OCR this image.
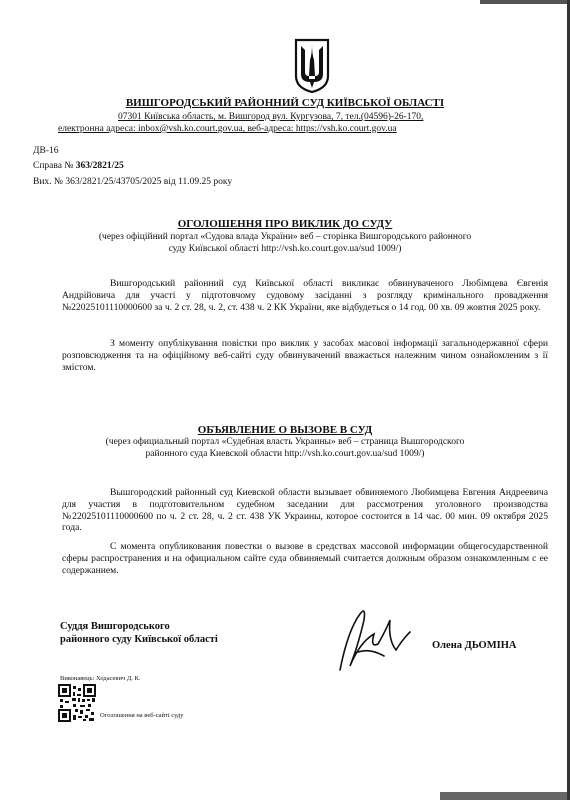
ВИШГОРОДСЬКИЙ РАЙОННИЙ СУД КИЇВСЬКОЇ ОБЛАСТІ
07301 Київська область, м. Вишгород вул. Кургузова, 7, тел.(04596)-26-170,
електронна адреса: inbox@vsh.ko.court.gov.ua, веб-адреса: https://vsh.ko.court.gov.ua
ДВ-16
Справа № 363/2821/25
Вих. № 363/2821/25/43705/2025 від 11.09.25 року
ОГОЛОШЕННЯ ПРО ВИКЛИК ДО СУДУ
(через офіційний портал «Судова влада України» веб – сторінка Вишгородського районного
суду Київської області http://vsh.ko.court.gov.ua/sud 1009/)
Вишгородський районний суд Київської області викликає обвинуваченого Любімцева Євгенія Андрійовича для участі у підготовчому судовому засіданні з розгляду кримінального провадження №22025101110000600 за ч. 2 ст. 28, ч. 2, ст. 438 ч. 2 КК України, яке відбудеться о 14 год. 00 хв. 09 жовтня 2025 року.
З моменту опублікування повістки про виклик у засобах масової інформації загальнодержавної сфери розповсюдження та на офіційному веб-сайті суду обвинувачений вважається належним чином ознайомленим з її змістом.
ОБЪЯВЛЕНИЕ О ВЫЗОВЕ В СУД
(через официальный портал «Судебная власть Украины» веб – страница Вышгородского
районного суда Киевской области http://vsh.ko.court.gov.ua/sud 1009/)
Вышгородский районный суд Киевской области вызывает обвиняемого Любимцева Евгения Андреевича для участия в подготовительном судебном заседании для рассмотрения уголовного производства №22025101110000600 по ч. 2 ст. 28, ч. 2 ст. 438 УК Украины, которое состоится в 14 час. 00 мин. 09 октября 2025 года.
С момента опубликования повестки о вызове в средствах массовой информации общегосударственной сферы распространения и на официальном сайте суда обвиняемый считается должным образом ознакомленным с ее содержанием.
Суддя Вишгородського
районного суду Київської області
Олена ДЬОМІНА
Виконавець: Ходасевич Д. К.
Оголошення на веб-сайті суду
